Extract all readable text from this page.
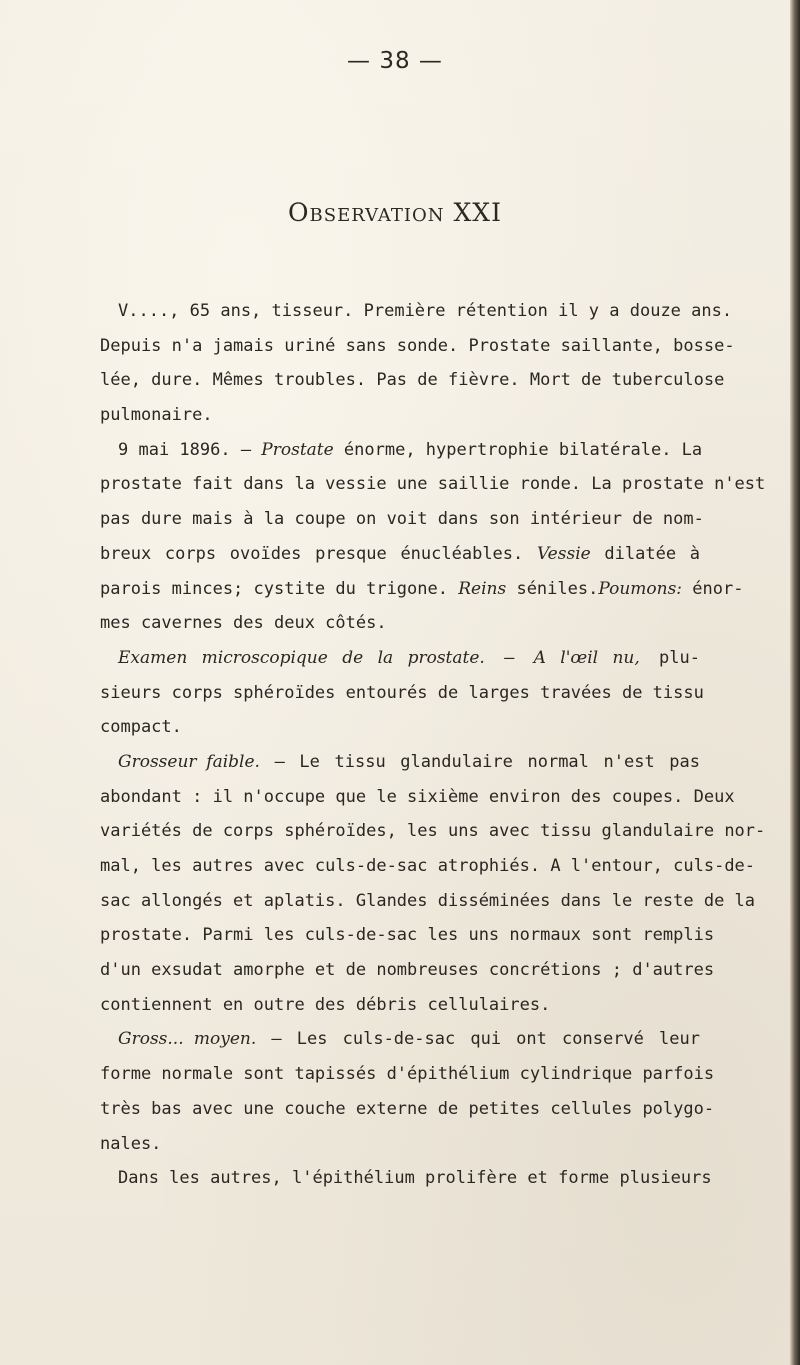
— 38 —
Observation XXI
V...., 65 ans, tisseur. Première rétention il y a douze ans.
Depuis n'a jamais uriné sans sonde. Prostate saillante, bosse-
lée, dure. Mêmes troubles. Pas de fièvre. Mort de tuberculose
pulmonaire.
9 mai 1896. — Prostate énorme, hypertrophie bilatérale. La
prostate fait dans la vessie une saillie ronde. La prostate n'est
pas dure mais à la coupe on voit dans son intérieur de nom-
breux corps ovoïdes presque énucléables. Vessie dilatée à
parois minces; cystite du trigone. Reins séniles.Poumons: énor-
mes cavernes des deux côtés.
Examen microscopique de la prostate. — A l'œil nu, plu-
sieurs corps sphéroïdes entourés de larges travées de tissu
compact.
Grosseur faible. — Le tissu glandulaire normal n'est pas
abondant : il n'occupe que le sixième environ des coupes. Deux
variétés de corps sphéroïdes, les uns avec tissu glandulaire nor-
mal, les autres avec culs-de-sac atrophiés. A l'entour, culs-de-
sac allongés et aplatis. Glandes disséminées dans le reste de la
prostate. Parmi les culs-de-sac les uns normaux sont remplis
d'un exsudat amorphe et de nombreuses concrétions ; d'autres
contiennent en outre des débris cellulaires.
Gross... moyen. — Les culs-de-sac qui ont conservé leur
forme normale sont tapissés d'épithélium cylindrique parfois
très bas avec une couche externe de petites cellules polygo-
nales.
Dans les autres, l'épithélium prolifère et forme plusieurs
